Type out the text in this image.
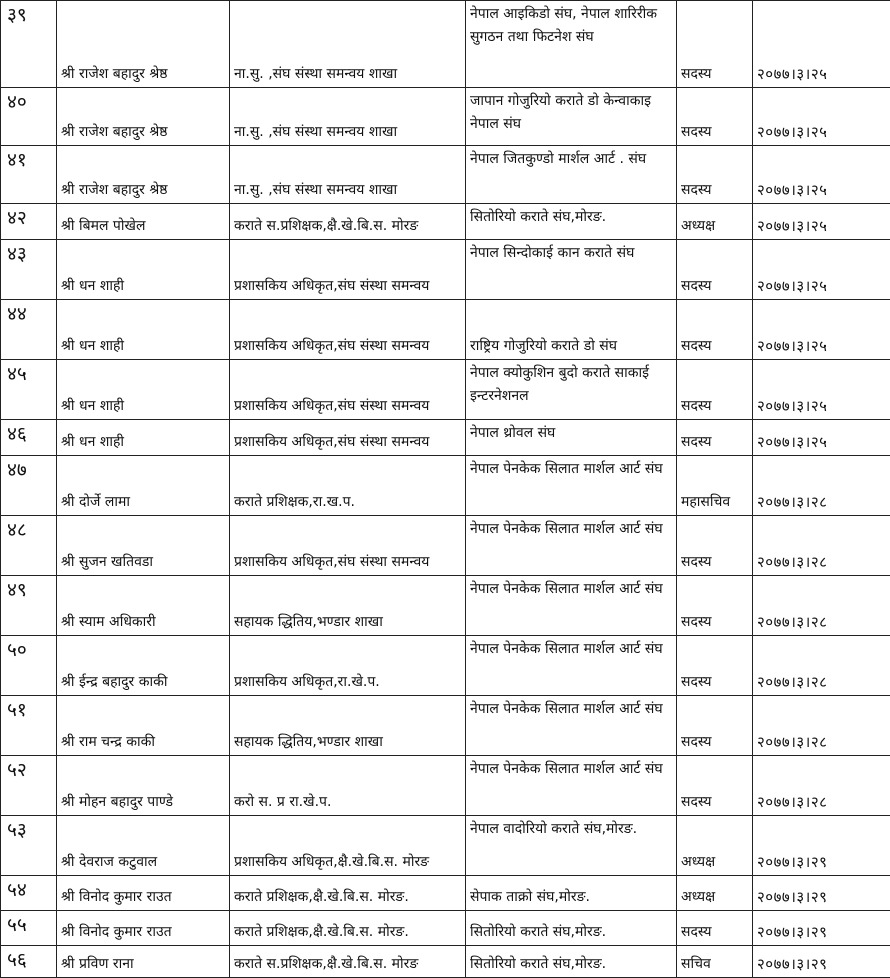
३९	श्री राजेश बहादुर श्रेष्ठ	ना.सु. ,संघ संस्था समन्वय शाखा	नेपाल आइकिडो संघ, नेपाल शारिरीक सुगठन तथा फिटनेश संघ	सदस्य	२०७७।३।२५
४०	श्री राजेश बहादुर श्रेष्ठ	ना.सु. ,संघ संस्था समन्वय शाखा	जापान गोजुरियो कराते डो केन्वाकाइ नेपाल संघ	सदस्य	२०७७।३।२५
४१	श्री राजेश बहादुर श्रेष्ठ	ना.सु. ,संघ संस्था समन्वय शाखा	नेपाल जितकुण्डो मार्शल आर्ट . संघ	सदस्य	२०७७।३।२५
४२	श्री बिमल पोखेल	कराते स.प्रशिक्षक,क्षै.खे.बि.स. मोरङ	सितोरियो कराते संघ,मोरङ.	अध्यक्ष	२०७७।३।२५
४३	श्री धन शाही	प्रशासकिय अधिकृत,संघ संस्था समन्वय	नेपाल सिन्दोकाई कान कराते संघ	सदस्य	२०७७।३।२५
४४	श्री धन शाही	प्रशासकिय अधिकृत,संघ संस्था समन्वय	राष्ट्रिय गोजुरियो कराते डो संघ	सदस्य	२०७७।३।२५
४५	श्री धन शाही	प्रशासकिय अधिकृत,संघ संस्था समन्वय	नेपाल क्योकुशिन बुदो कराते साकाई इन्टरनेशनल	सदस्य	२०७७।३।२५
४६	श्री धन शाही	प्रशासकिय अधिकृत,संघ संस्था समन्वय	नेपाल थ्रोवल संघ	सदस्य	२०७७।३।२५
४७	श्री दोर्जे लामा	कराते प्रशिक्षक,रा.ख.प.	नेपाल पेनकेक सिलात मार्शल आर्ट संघ	महासचिव	२०७७।३।२८
४८	श्री सुजन खतिवडा	प्रशासकिय अधिकृत,संघ संस्था समन्वय	नेपाल पेनकेक सिलात मार्शल आर्ट संघ	सदस्य	२०७७।३।२८
४९	श्री स्याम अधिकारी	सहायक द्धितिय,भण्डार शाखा	नेपाल पेनकेक सिलात मार्शल आर्ट संघ	सदस्य	२०७७।३।२८
५०	श्री ईन्द्र बहादुर काकी	प्रशासकिय अधिकृत,रा.खे.प.	नेपाल पेनकेक सिलात मार्शल आर्ट संघ	सदस्य	२०७७।३।२८
५१	श्री राम चन्द्र काकी	सहायक द्धितिय,भण्डार शाखा	नेपाल पेनकेक सिलात मार्शल आर्ट संघ	सदस्य	२०७७।३।२८
५२	श्री मोहन बहादुर पाण्डे	करो स. प्र रा.खे.प.	नेपाल पेनकेक सिलात मार्शल आर्ट संघ	सदस्य	२०७७।३।२८
५३	श्री देवराज कटुवाल	प्रशासकिय अधिकृत,क्षै.खे.बि.स. मोरङ	नेपाल वादोरियो कराते संघ,मोरङ.	अध्यक्ष	२०७७।३।२९
५४	श्री विनोद कुमार राउत	कराते प्रशिक्षक,क्षै.खे.बि.स. मोरङ.	सेपाक ताक्रो संघ,मोरङ.	अध्यक्ष	२०७७।३।२९
५५	श्री विनोद कुमार राउत	कराते प्रशिक्षक,क्षै.खे.बि.स. मोरङ.	सितोरियो कराते संघ,मोरङ.	सदस्य	२०७७।३।२९
५६	श्री प्रविण राना	कराते स.प्रशिक्षक,क्षै.खे.बि.स. मोरङ	सितोरियो कराते संघ,मोरङ.	सचिव	२०७७।३।२९
